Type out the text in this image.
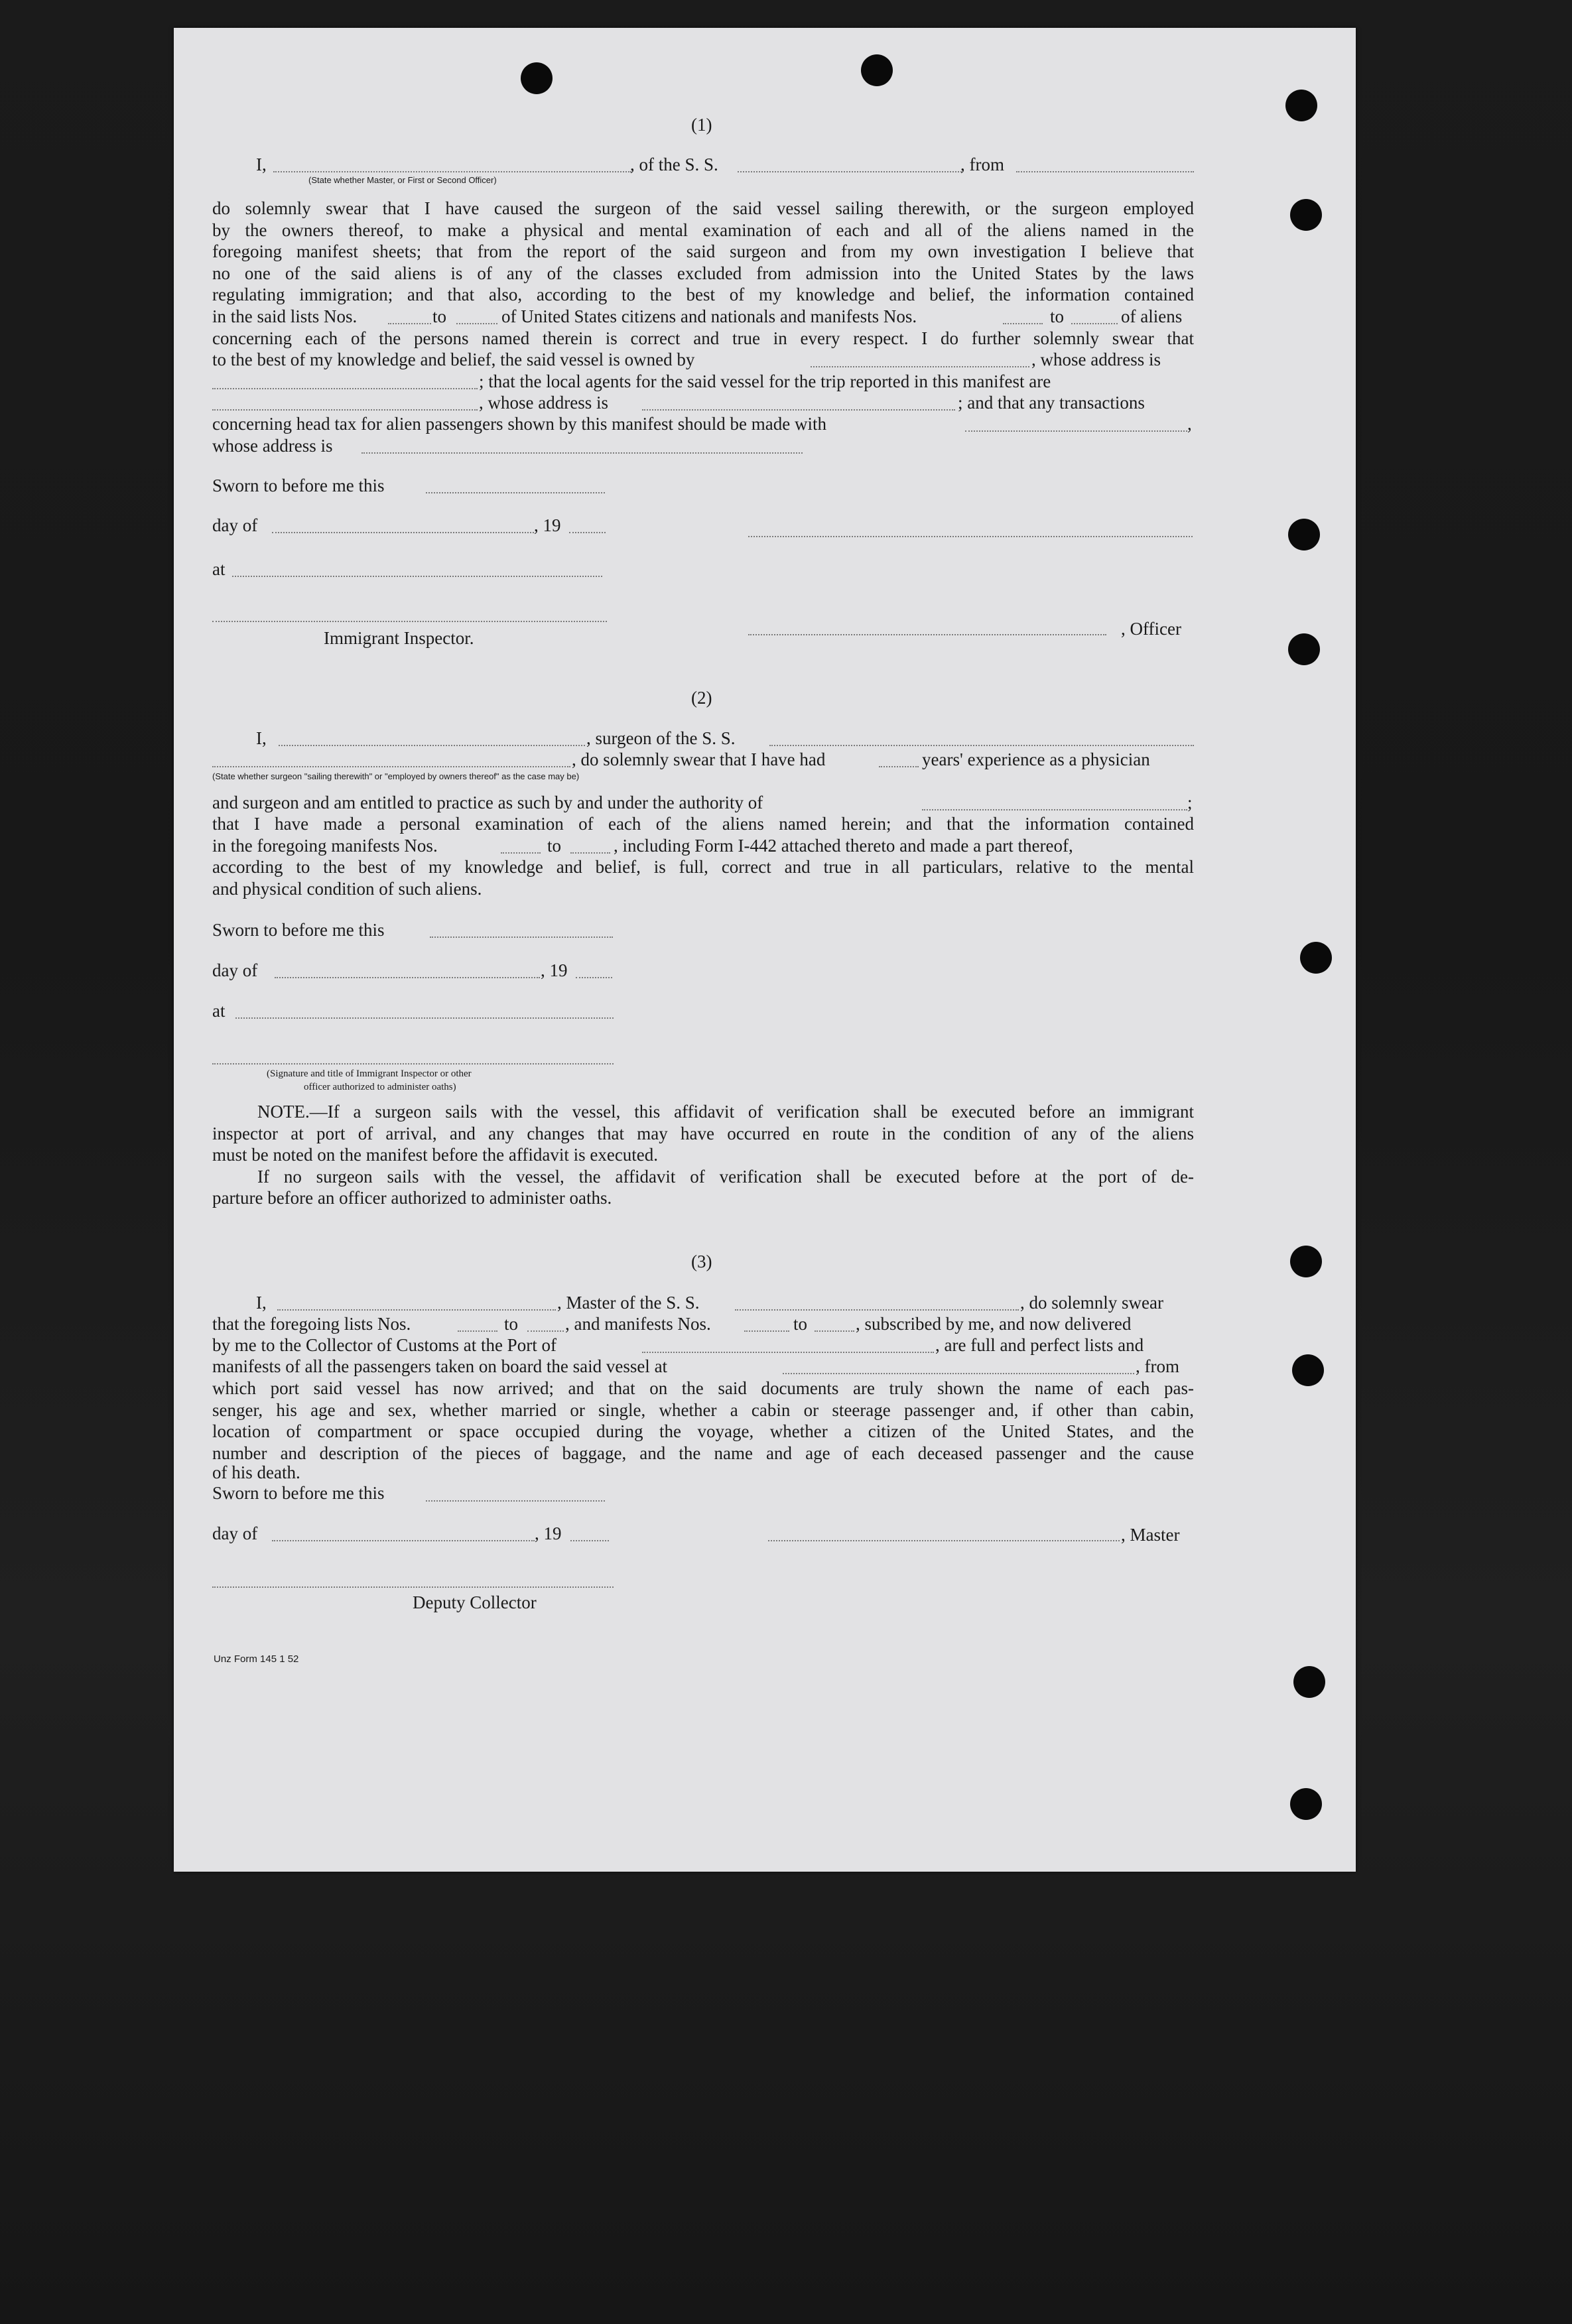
(1)
I,	, of the S. S.	, from
(State whether Master, or First or Second Officer)

do solemnly swear that I have caused the surgeon of the said vessel sailing therewith, or the surgeon employed
by the owners thereof, to make a physical and mental examination of each and all of the aliens named in the
foregoing manifest sheets; that from the report of the said surgeon and from my own investigation I believe that
no one of the said aliens is of any of the classes excluded from admission into the United States by the laws
regulating immigration; and that also, according to the best of my knowledge and belief, the information contained

in the said lists Nos.	to	of United States citizens and nationals and manifests Nos.	to	of aliens

concerning each of the persons named therein is correct and true in every respect. I do further solemnly swear that

to the best of my knowledge and belief, the said vessel is owned by	, whose address is
; that the local agents for the said vessel for the trip reported in this manifest are
, whose address is	; and that any transactions
concerning head tax for alien passengers shown by this manifest should be made with	,
whose address is
Sworn to before me this
day of	, 19
at
Immigrant Inspector.	, Officer
(2)
I,	, surgeon of the S. S.
, do solemnly swear that I have had	years' experience as a physician
(State whether surgeon "sailing therewith" or "employed by owners thereof" as the case may be)
and surgeon and am entitled to practice as such by and under the authority of	;

that I have made a personal examination of each of the aliens named herein; and that the information contained

in the foregoing manifests Nos.	to	, including Form I-442 attached thereto and made a part thereof,

according to the best of my knowledge and belief, is full, correct and true in all particulars, relative to the mental

and physical condition of such aliens.
Sworn to before me this
day of	, 19
at
(Signature and title of Immigrant Inspector or other
officer authorized to administer oaths)

NOTE.—If a surgeon sails with the vessel, this affidavit of verification shall be executed before an immigrant
inspector at port of arrival, and any changes that may have occurred en route in the condition of any of the aliens
must be noted on the manifest before the affidavit is executed.
If no surgeon sails with the vessel, the affidavit of verification shall be executed before at the port of de-
parture before an officer authorized to administer oaths.

(3)
I,	, Master of the S. S.	, do solemnly swear
that the foregoing lists Nos.	to	, and manifests Nos.	to	, subscribed by me, and now delivered
by me to the Collector of Customs at the Port of	, are full and perfect lists and
manifests of all the passengers taken on board the said vessel at	, from

which port said vessel has now arrived; and that on the said documents are truly shown the name of each pas-
senger, his age and sex, whether married or single, whether a cabin or steerage passenger and, if other than cabin,
location of compartment or space occupied during the voyage, whether a citizen of the United States, and the
number and description of the pieces of baggage, and the name and age of each deceased passenger and the cause
of his death.

Sworn to before me this
day of	, 19	, Master
Deputy Collector
Unz Form 145 1 52
